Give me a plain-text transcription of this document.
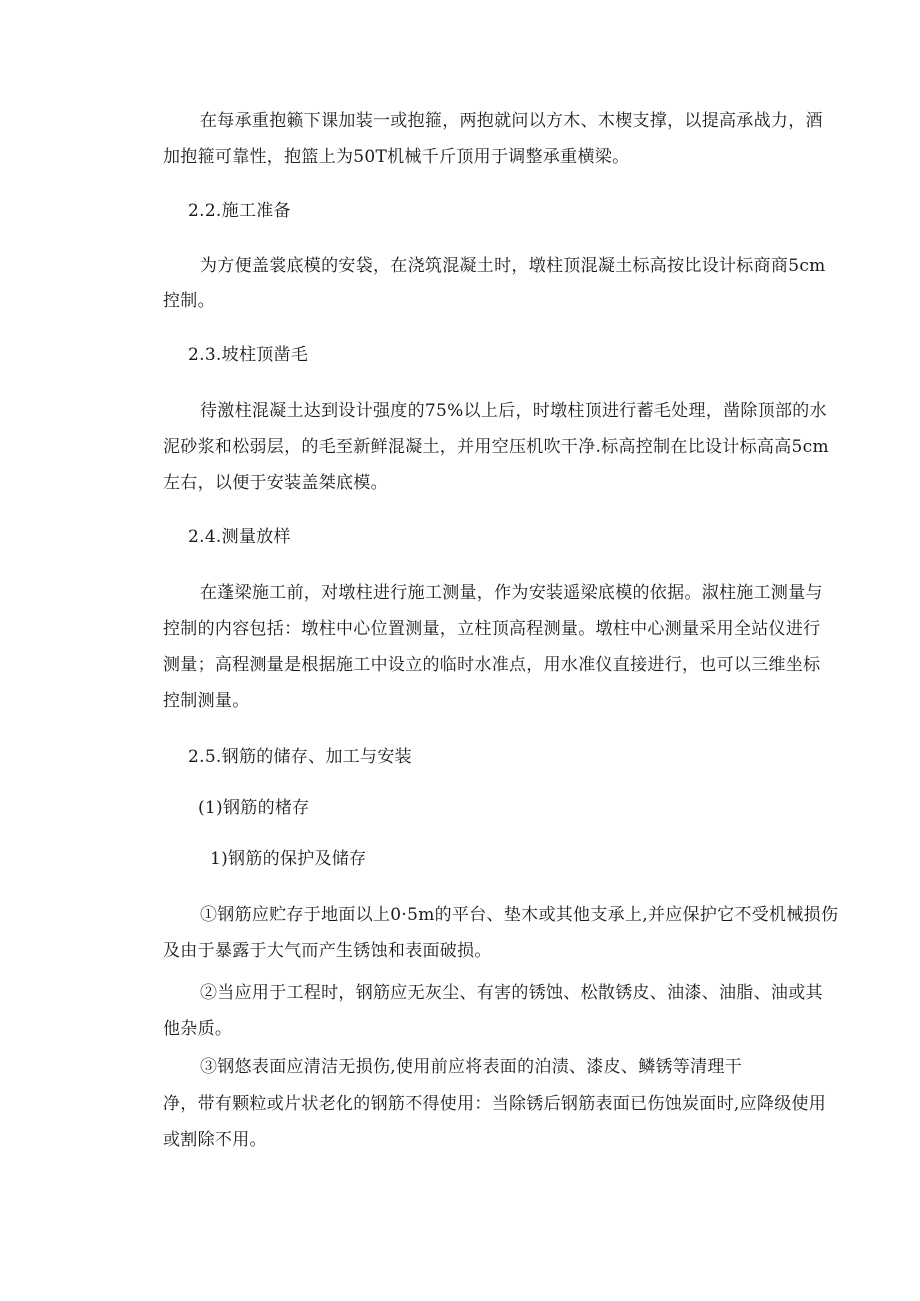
在每承重抱籁下课加装一或抱箍，两抱就问以方木、木楔支撑，以提高承战力，酒
加抱箍可靠性，抱篮上为50T机械千斤顶用于调整承重横梁。
2.2.施工准备
为方便盖裳底模的安袋，在浇筑混凝土时，墩柱顶混凝土标高按比设计标商商5cm
控制。
2.3.坡柱顶凿毛
待激柱混凝土达到设计强度的75%以上后，时墩柱顶进行蓄毛处理，凿除顶部的水
泥砂浆和松弱层，的毛至新鲜混凝土，并用空压机吹干净.标高控制在比设计标高高5cm
左右，以便于安装盖桀底模。
2.4.测量放样
在蓬梁施工前，对墩柱进行施工测量，作为安装遥梁底模的依据。淑柱施工测量与
控制的内容包括：墩柱中心位置测量，立柱顶高程测量。墩柱中心测量采用全站仪进行
测量；高程测量是根据施工中设立的临时水准点，用水准仪直接进行，也可以三维坐标
控制测量。
2.5.钢筋的储存、加工与安装
(1)钢筋的楮存
1)钢筋的保护及储存
①钢筋应贮存于地面以上0·5m的平台、垫木或其他支承上,并应保护它不受机械损伤
及由于暴露于大气而产生锈蚀和表面破损。
②当应用于工程时，钢筋应无灰尘、有害的锈蚀、松散锈皮、油漆、油脂、油或其
他杂质。
③钢悠表面应清洁无损伤,使用前应将表面的泊渍、漆皮、鳞锈等清理干
净，带有颗粒或片状老化的钢筋不得使用：当除锈后钢筋表面已伤蚀炭面时,应降级使用
或割除不用。
